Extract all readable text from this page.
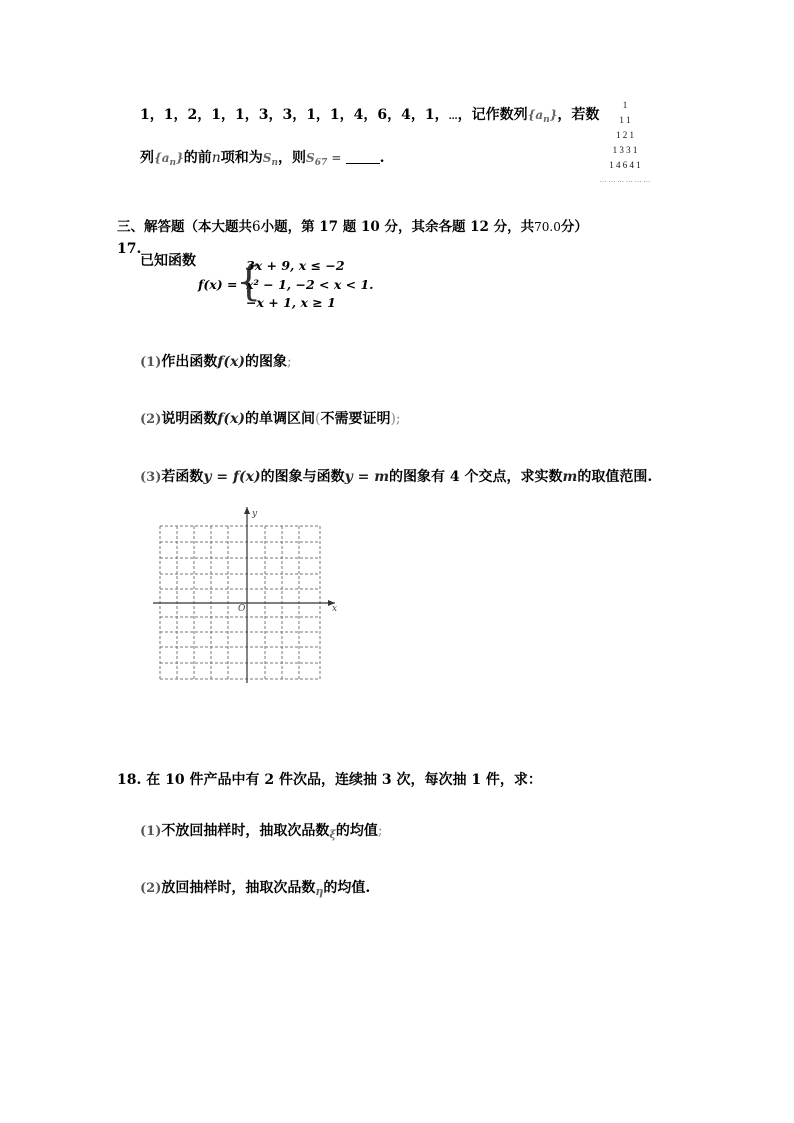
1，1，2，1，1，3，3，1，1，4，6，4，1，…，记作数列$\{a_n\}$，若数
列$\{a_n\}$的前n项和为$S_n$，则$S_{67}$ = .
1
1 1
1 2 1
1 3 3 1
1 4 6 4 1
… … … … … …
三、解答题（本大题共6小题，第 17 题 10 分，其余各题 12 分，共70.0分）
17.
已知函数
f(x) =
{
3x + 9, x ≤ −2
x² − 1, −2 < x < 1.
−x + 1, x ≥ 1
(1)作出函数f(x)的图象;
(2)说明函数f(x)的单调区间(不需要证明);
(3)若函数y = f(x)的图象与函数y = m的图象有 4 个交点，求实数m的取值范围.
y
x
O
18. 在 10 件产品中有 2 件次品，连续抽 3 次，每次抽 1 件，求：
(1)不放回抽样时，抽取次品数$_\xi$的均值;
(2)放回抽样时，抽取次品数$_\eta$的均值.
